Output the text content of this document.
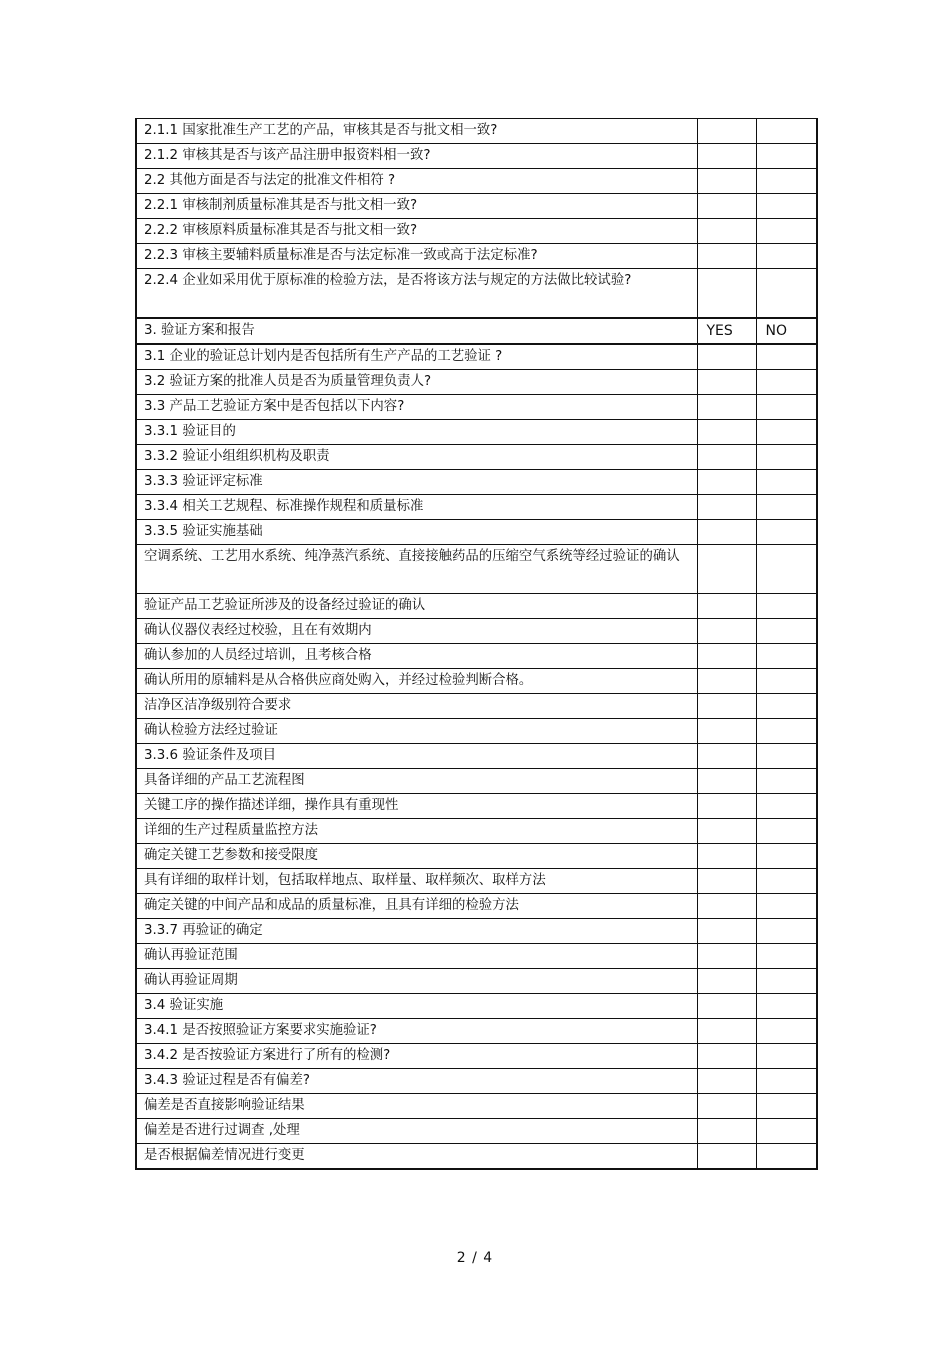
2.1.1 国家批准生产工艺的产品，审核其是否与批文相一致?		
2.1.2 审核其是否与该产品注册申报资料相一致?		
2.2 其他方面是否与法定的批准文件相符 ?		
2.2.1 审核制剂质量标准其是否与批文相一致?		
2.2.2 审核原料质量标准其是否与批文相一致?		
2.2.3 审核主要辅料质量标准是否与法定标准一致或高于法定标准?		
2.2.4 企业如采用优于原标准的检验方法，是否将该方法与规定的方法做比较试验?		
3. 验证方案和报告	YES	NO
3.1 企业的验证总计划内是否包括所有生产产品的工艺验证 ?		
3.2 验证方案的批准人员是否为质量管理负责人?		
3.3 产品工艺验证方案中是否包括以下内容?		
3.3.1 验证目的		
3.3.2 验证小组组织机构及职责		
3.3.3 验证评定标准		
3.3.4 相关工艺规程、标准操作规程和质量标准		
3.3.5 验证实施基础		
空调系统、工艺用水系统、纯净蒸汽系统、直接接触药品的压缩空气系统等经过验证的确认		
验证产品工艺验证所涉及的设备经过验证的确认		
确认仪器仪表经过校验，且在有效期内		
确认参加的人员经过培训，且考核合格		
确认所用的原辅料是从合格供应商处购入，并经过检验判断合格。		
洁净区洁净级别符合要求		
确认检验方法经过验证		
3.3.6 验证条件及项目		
具备详细的产品工艺流程图		
关键工序的操作描述详细，操作具有重现性		
详细的生产过程质量监控方法		
确定关键工艺参数和接受限度		
具有详细的取样计划，包括取样地点、取样量、取样频次、取样方法		
确定关键的中间产品和成品的质量标准，且具有详细的检验方法		
3.3.7 再验证的确定		
确认再验证范围		
确认再验证周期		
3.4 验证实施		
3.4.1 是否按照验证方案要求实施验证?		
3.4.2 是否按验证方案进行了所有的检测?		
3.4.3 验证过程是否有偏差?		
偏差是否直接影响验证结果		
偏差是否进行过调查 ,处理		
是否根据偏差情况进行变更		
2 / 4
